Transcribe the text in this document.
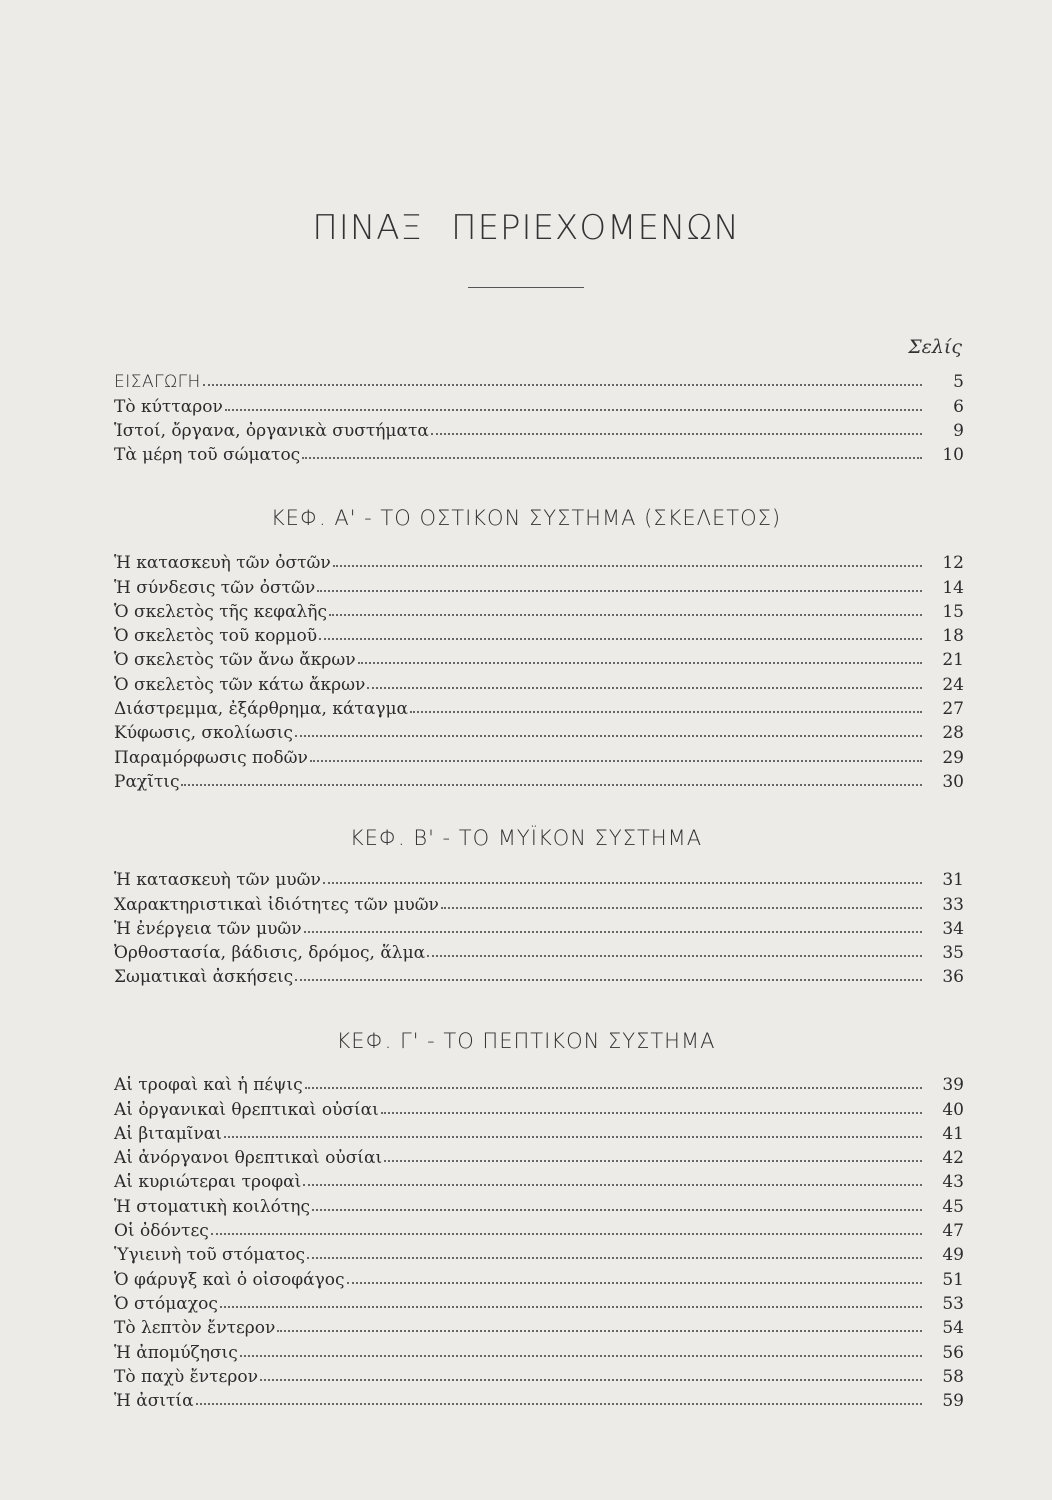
ΠΙΝΑΞ ΠΕΡΙΕΧΟΜΕΝΩΝ
Σελίς
ΕΙΣΑΓΩΓΗ	5
Τὸ κύτταρον	6
Ἱστοί, ὄργανα, ὀργανικὰ συστήματα	9
Τὰ μέρη τοῦ σώματος	10
ΚΕΦ. Α' - ΤΟ ΟΣΤΙΚΟΝ ΣΥΣΤΗΜΑ (ΣΚΕΛΕΤΟΣ)
Ἡ κατασκευὴ τῶν ὀστῶν	12
Ἡ σύνδεσις τῶν ὀστῶν	14
Ὁ σκελετὸς τῆς κεφαλῆς	15
Ὁ σκελετὸς τοῦ κορμοῦ	18
Ὁ σκελετὸς τῶν ἄνω ἄκρων	21
Ὁ σκελετὸς τῶν κάτω ἄκρων	24
Διάστρεμμα, ἐξάρθρημα, κάταγμα	27
Κύφωσις, σκολίωσις	28
Παραμόρφωσις ποδῶν	29
Ραχῖτις	30
ΚΕΦ. Β' - ΤΟ ΜΥΪΚΟΝ ΣΥΣΤΗΜΑ
Ἡ κατασκευὴ τῶν μυῶν	31
Χαρακτηριστικαὶ ἰδιότητες τῶν μυῶν	33
Ἡ ἐνέργεια τῶν μυῶν	34
Ὀρθοστασία, βάδισις, δρόμος, ἅλμα	35
Σωματικαὶ ἀσκήσεις	36
ΚΕΦ. Γ' - ΤΟ ΠΕΠΤΙΚΟΝ ΣΥΣΤΗΜΑ
Αἱ τροφαὶ καὶ ἡ πέψις	39
Αἱ ὀργανικαὶ θρεπτικαὶ οὐσίαι	40
Αἱ βιταμῖναι	41
Αἱ ἀνόργανοι θρεπτικαὶ οὐσίαι	42
Αἱ κυριώτεραι τροφαὶ	43
Ἡ στοματικὴ κοιλότης	45
Οἱ ὀδόντες	47
Ὑγιεινὴ τοῦ στόματος	49
Ὁ φάρυγξ καὶ ὁ οἰσοφάγος	51
Ὁ στόμαχος	53
Τὸ λεπτὸν ἔντερον	54
Ἡ ἀπομύζησις	56
Τὸ παχὺ ἔντερον	58
Ἡ ἀσιτία	59
